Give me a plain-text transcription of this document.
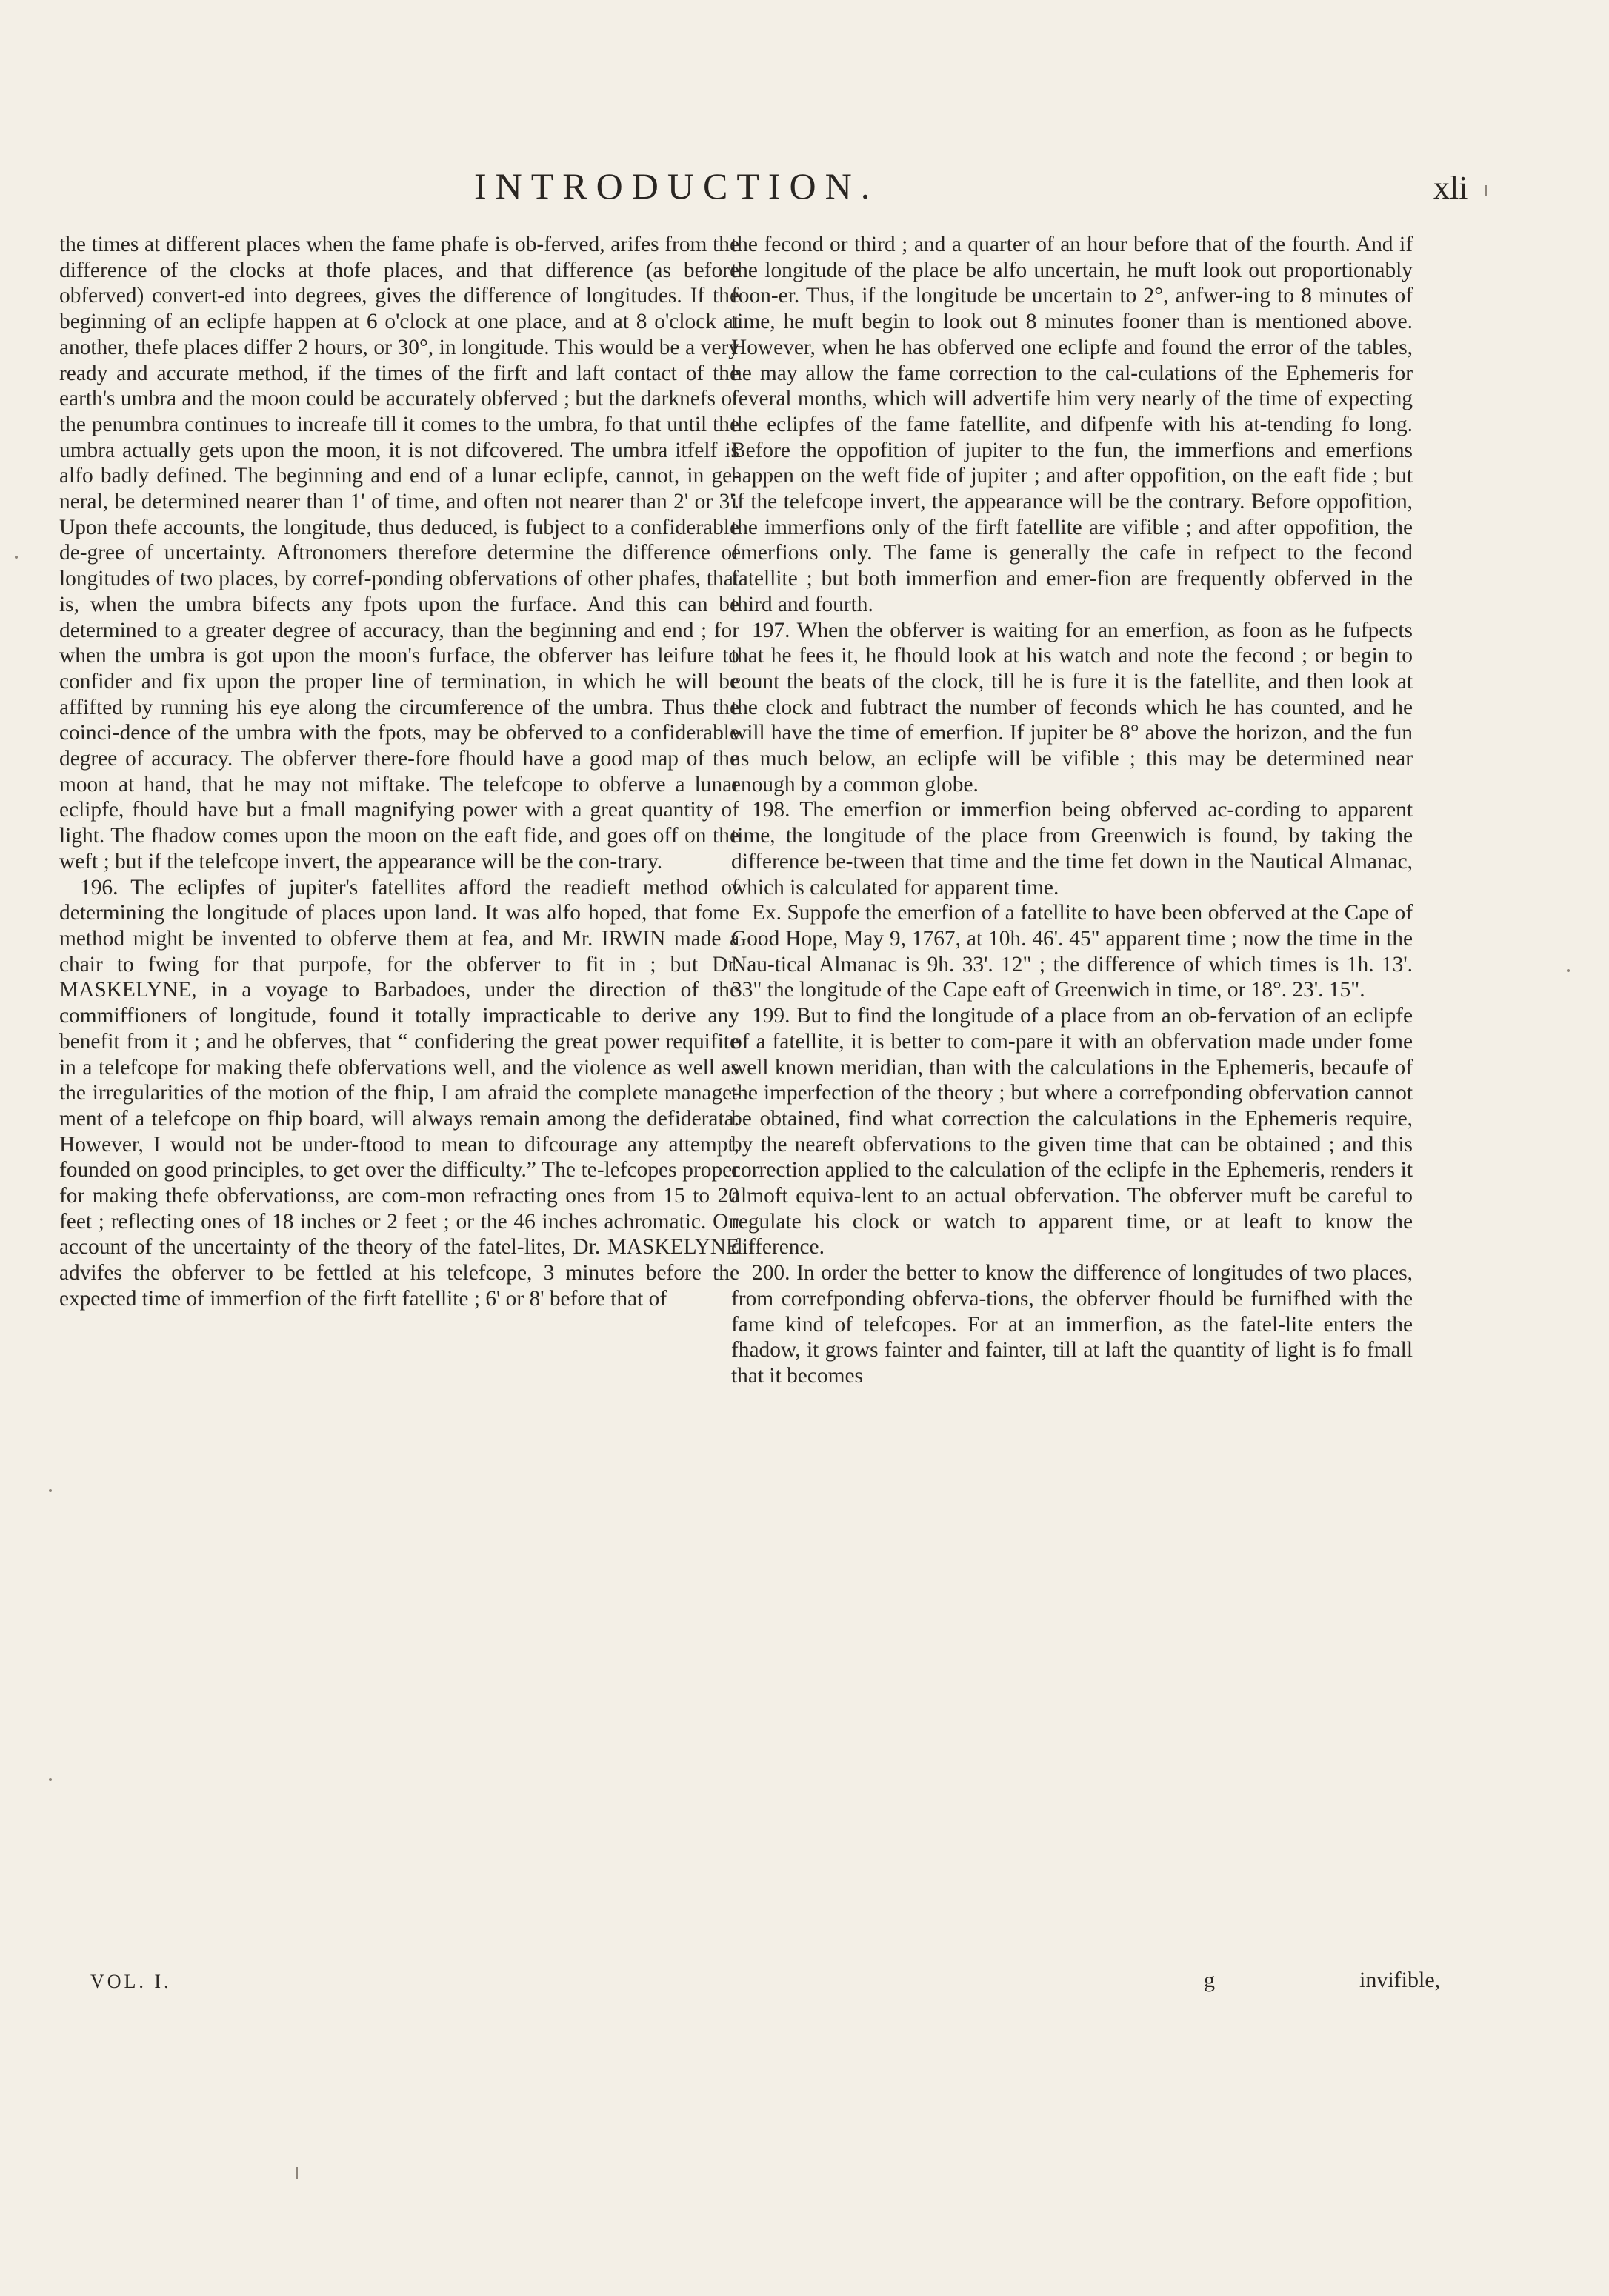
INTRODUCTION.	xli

the times at different places when the fame phafe is ob-ferved, arifes from the difference of the clocks at thofe places, and that difference (as before obferved) convert-ed into degrees, gives the difference of longitudes. If the beginning of an eclipfe happen at 6 o'clock at one place, and at 8 o'clock at another, thefe places differ 2 hours, or 30°, in longitude. This would be a very ready and accurate method, if the times of the firft and laft contact of the earth's umbra and the moon could be accurately obferved ; but the darknefs of the penumbra continues to increafe till it comes to the umbra, fo that until the umbra actually gets upon the moon, it is not difcovered. The umbra itfelf is alfo badly defined. The beginning and end of a lunar eclipfe, cannot, in ge-neral, be determined nearer than 1' of time, and often not nearer than 2' or 3'. Upon thefe accounts, the longitude, thus deduced, is fubject to a confiderable de-gree of uncertainty. Aftronomers therefore determine the difference of longitudes of two places, by corref-ponding obfervations of other phafes, that is, when the umbra bifects any fpots upon the furface. And this can be determined to a greater degree of accuracy, than the beginning and end ; for when the umbra is got upon the moon's furface, the obferver has leifure to confider and fix upon the proper line of termination, in which he will be affifted by running his eye along the circumference of the umbra. Thus the coinci-dence of the umbra with the fpots, may be obferved to a confiderable degree of accuracy. The obferver there-fore fhould have a good map of the moon at hand, that he may not miftake. The telefcope to obferve a lunar eclipfe, fhould have but a fmall magnifying power with a great quantity of light. The fhadow comes upon the moon on the eaft fide, and goes off on the weft ; but if the telefcope invert, the appearance will be the con-trary.

196. The eclipfes of jupiter's fatellites afford the readieft method of determining the longitude of places upon land. It was alfo hoped, that fome method might be invented to obferve them at fea, and Mr. IRWIN made a chair to fwing for that purpofe, for the obferver to fit in ; but Dr. MASKELYNE, in a voyage to Barbadoes, under the direction of the commiffioners of longitude, found it totally impracticable to derive any benefit from it ; and he obferves, that “ confidering the great power requifite in a telefcope for making thefe obfervations well, and the violence as well as the irregularities of the motion of the fhip, I am afraid the complete manage-ment of a telefcope on fhip board, will always remain among the defiderata. However, I would not be under-ftood to mean to difcourage any attempt, founded on good principles, to get over the difficulty.” The te-lefcopes proper for making thefe obfervationss, are com-mon refracting ones from 15 to 20 feet ; reflecting ones of 18 inches or 2 feet ; or the 46 inches achromatic. On account of the uncertainty of the theory of the fatel-lites, Dr. MASKELYNE advifes the obferver to be fettled at his telefcope, 3 minutes before the expected time of immerfion of the firft fatellite ; 6' or 8' before that of

the fecond or third ; and a quarter of an hour before that of the fourth. And if the longitude of the place be alfo uncertain, he muft look out proportionably foon-er. Thus, if the longitude be uncertain to 2°, anfwer-ing to 8 minutes of time, he muft begin to look out 8 minutes fooner than is mentioned above. However, when he has obferved one eclipfe and found the error of the tables, he may allow the fame correction to the cal-culations of the Ephemeris for feveral months, which will advertife him very nearly of the time of expecting the eclipfes of the fame fatellite, and difpenfe with his at-tending fo long. Before the oppofition of jupiter to the fun, the immerfions and emerfions happen on the weft fide of jupiter ; and after oppofition, on the eaft fide ; but if the telefcope invert, the appearance will be the contrary. Before oppofition, the immerfions only of the firft fatellite are vifible ; and after oppofition, the emerfions only. The fame is generally the cafe in refpect to the fecond fatellite ; but both immerfion and emer-fion are frequently obferved in the third and fourth.

197. When the obferver is waiting for an emerfion, as foon as he fufpects that he fees it, he fhould look at his watch and note the fecond ; or begin to count the beats of the clock, till he is fure it is the fatellite, and then look at the clock and fubtract the number of feconds which he has counted, and he will have the time of emerfion. If jupiter be 8° above the horizon, and the fun as much below, an eclipfe will be vifible ; this may be determined near enough by a common globe.

198. The emerfion or immerfion being obferved ac-cording to apparent time, the longitude of the place from Greenwich is found, by taking the difference be-tween that time and the time fet down in the Nautical Almanac, which is calculated for apparent time.

Ex. Suppofe the emerfion of a fatellite to have been obferved at the Cape of Good Hope, May 9, 1767, at 10h. 46'. 45" apparent time ; now the time in the Nau-tical Almanac is 9h. 33'. 12" ; the difference of which times is 1h. 13'. 33" the longitude of the Cape eaft of Greenwich in time, or 18°. 23'. 15".

199. But to find the longitude of a place from an ob-fervation of an eclipfe of a fatellite, it is better to com-pare it with an obfervation made under fome well known meridian, than with the calculations in the Ephemeris, becaufe of the imperfection of the theory ; but where a correfponding obfervation cannot be obtained, find what correction the calculations in the Ephemeris require, by the neareft obfervations to the given time that can be obtained ; and this correction applied to the calculation of the eclipfe in the Ephemeris, renders it almoft equiva-lent to an actual obfervation. The obferver muft be careful to regulate his clock or watch to apparent time, or at leaft to know the difference.

200. In order the better to know the difference of longitudes of two places, from correfponding obferva-tions, the obferver fhould be furnifhed with the fame kind of telefcopes. For at an immerfion, as the fatel-lite enters the fhadow, it grows fainter and fainter, till at laft the quantity of light is fo fmall that it becomes

VOL. I.	g	invifible,
